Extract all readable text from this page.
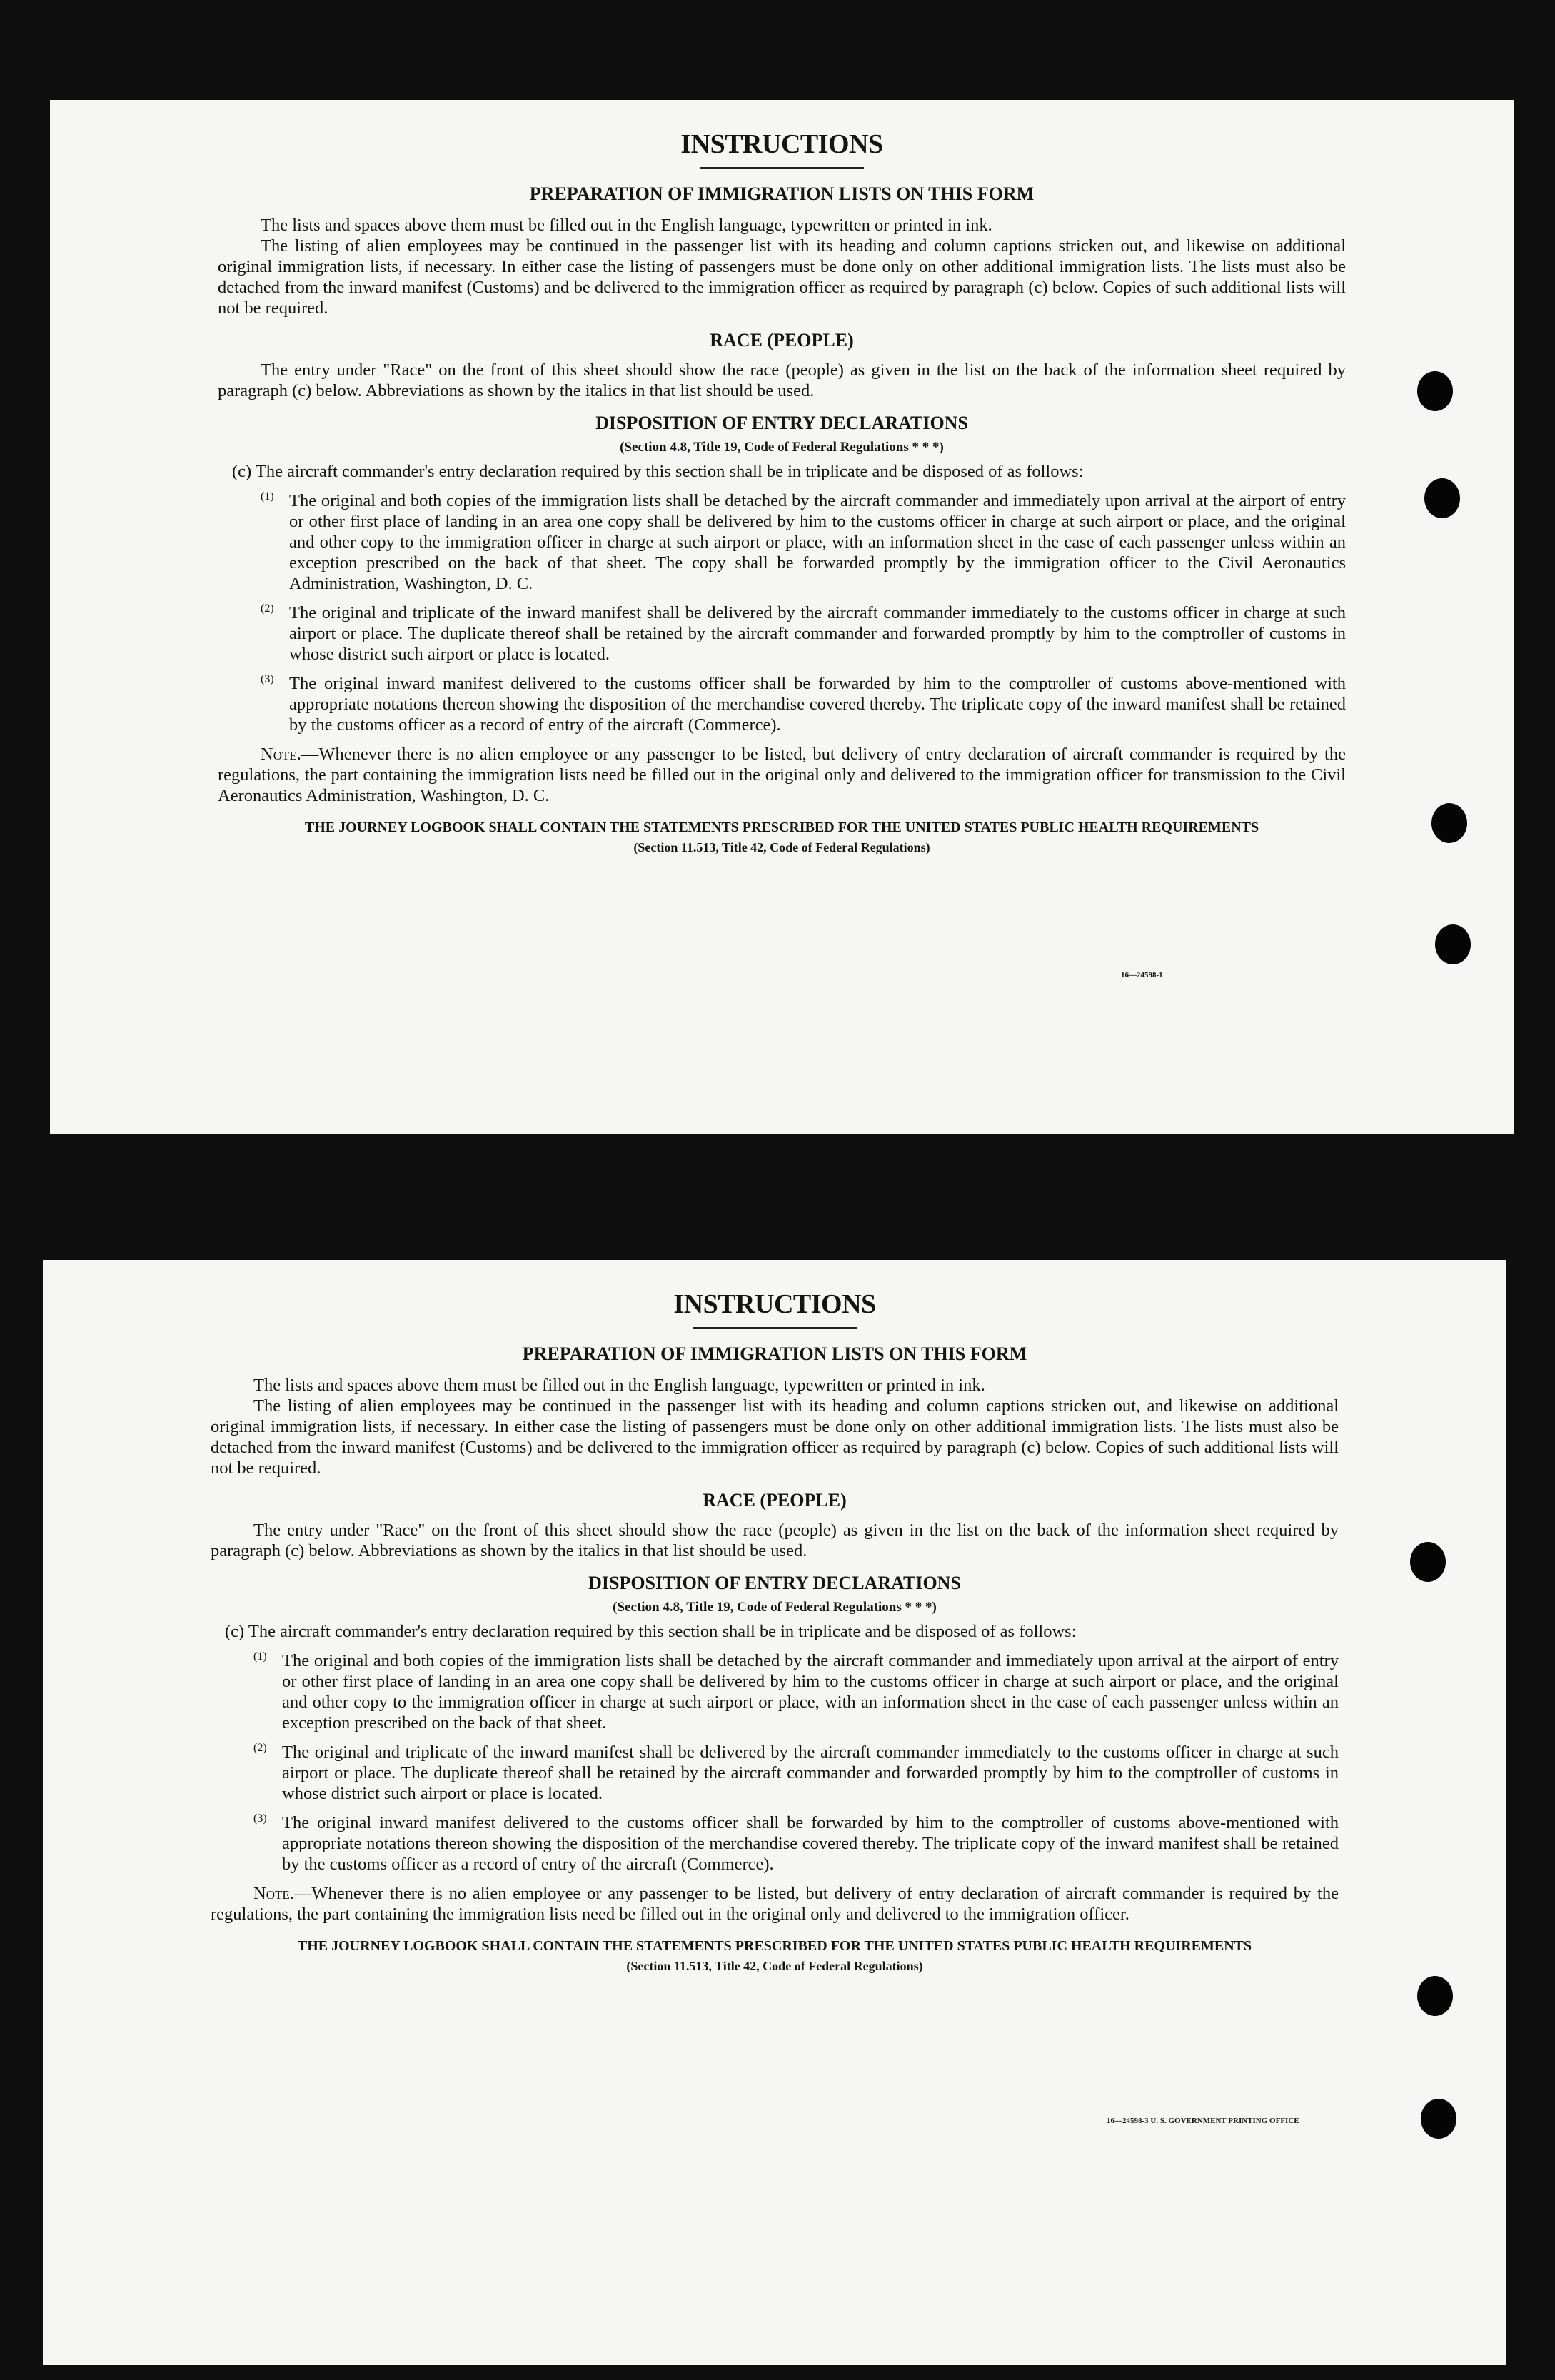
INSTRUCTIONS
PREPARATION OF IMMIGRATION LISTS ON THIS FORM

The lists and spaces above them must be filled out in the English language, typewritten or printed in ink.

The listing of alien employees may be continued in the passenger list with its heading and column captions stricken out, and likewise on additional original immigration lists, if necessary. In either case the listing of passengers must be done only on other additional immigration lists. The lists must also be detached from the inward manifest (Customs) and be delivered to the immigration officer as required by paragraph (c) below. Copies of such additional lists will not be required.

RACE (PEOPLE)

The entry under "Race" on the front of this sheet should show the race (people) as given in the list on the back of the information sheet required by paragraph (c) below. Abbreviations as shown by the italics in that list should be used.

DISPOSITION OF ENTRY DECLARATIONS
(Section 4.8, Title 19, Code of Federal Regulations * * *)

(c) The aircraft commander's entry declaration required by this section shall be in triplicate and be disposed of as follows:

(1) The original and both copies of the immigration lists shall be detached by the aircraft commander and immediately upon arrival at the airport of entry or other first place of landing in an area one copy shall be delivered by him to the customs officer in charge at such airport or place, and the original and other copy to the immigration officer in charge at such airport or place, with an information sheet in the case of each passenger unless within an exception prescribed on the back of that sheet. The copy shall be forwarded promptly by the immigration officer to the Civil Aeronautics Administration, Washington, D. C.

(2) The original and triplicate of the inward manifest shall be delivered by the aircraft commander immediately to the customs officer in charge at such airport or place. The duplicate thereof shall be retained by the aircraft commander and forwarded promptly by him to the comptroller of customs in whose district such airport or place is located.

(3) The original inward manifest delivered to the customs officer shall be forwarded by him to the comptroller of customs above-mentioned with appropriate notations thereon showing the disposition of the merchandise covered thereby. The triplicate copy of the inward manifest shall be retained by the customs officer as a record of entry of the aircraft (Commerce).

Note.—Whenever there is no alien employee or any passenger to be listed, but delivery of entry declaration of aircraft commander is required by the regulations, the part containing the immigration lists need be filled out in the original only and delivered to the immigration officer for transmission to the Civil Aeronautics Administration, Washington, D. C.

THE JOURNEY LOGBOOK SHALL CONTAIN THE STATEMENTS PRESCRIBED FOR THE UNITED STATES PUBLIC HEALTH REQUIREMENTS
(Section 11.513, Title 42, Code of Federal Regulations)
16—24598-1
INSTRUCTIONS
PREPARATION OF IMMIGRATION LISTS ON THIS FORM

The lists and spaces above them must be filled out in the English language, typewritten or printed in ink.

The listing of alien employees may be continued in the passenger list with its heading and column captions stricken out, and likewise on additional original immigration lists, if necessary. In either case the listing of passengers must be done only on other additional immigration lists. The lists must also be detached from the inward manifest (Customs) and be delivered to the immigration officer as required by paragraph (c) below. Copies of such additional lists will not be required.

RACE (PEOPLE)

The entry under "Race" on the front of this sheet should show the race (people) as given in the list on the back of the information sheet required by paragraph (c) below. Abbreviations as shown by the italics in that list should be used.

DISPOSITION OF ENTRY DECLARATIONS
(Section 4.8, Title 19, Code of Federal Regulations * * *)

(c) The aircraft commander's entry declaration required by this section shall be in triplicate and be disposed of as follows:

(1) The original and both copies of the immigration lists shall be detached by the aircraft commander and immediately upon arrival at the airport of entry or other first place of landing in an area one copy shall be delivered by him to the customs officer in charge at such airport or place, and the original and other copy to the immigration officer in charge at such airport or place, with an information sheet in the case of each passenger unless within an exception prescribed on the back of that sheet.

(2) The original and triplicate of the inward manifest shall be delivered by the aircraft commander immediately to the customs officer in charge at such airport or place. The duplicate thereof shall be retained by the aircraft commander and forwarded promptly by him to the comptroller of customs in whose district such airport or place is located.

(3) The original inward manifest delivered to the customs officer shall be forwarded by him to the comptroller of customs above-mentioned with appropriate notations thereon showing the disposition of the merchandise covered thereby. The triplicate copy of the inward manifest shall be retained by the customs officer as a record of entry of the aircraft (Commerce).

Note.—Whenever there is no alien employee or any passenger to be listed, but delivery of entry declaration of aircraft commander is required by the regulations, the part containing the immigration lists need be filled out in the original only and delivered to the immigration officer.

THE JOURNEY LOGBOOK SHALL CONTAIN THE STATEMENTS PRESCRIBED FOR THE UNITED STATES PUBLIC HEALTH REQUIREMENTS
(Section 11.513, Title 42, Code of Federal Regulations)
16—24598-3 U. S. GOVERNMENT PRINTING OFFICE
